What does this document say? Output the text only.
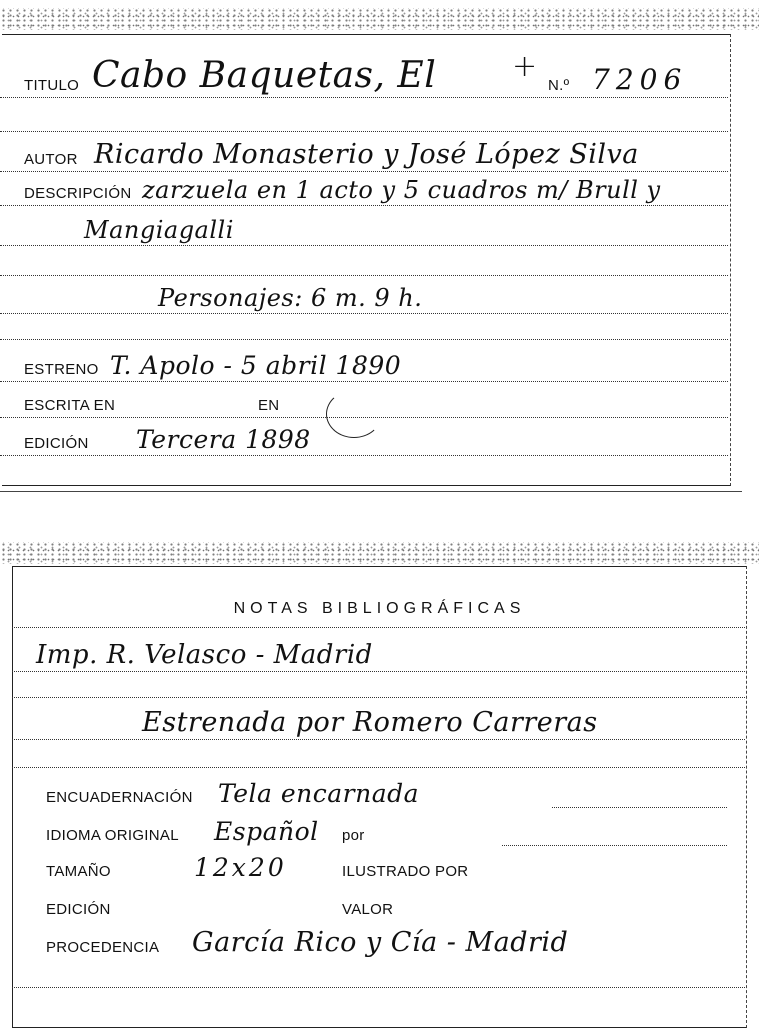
TITULO Cabo Baquetas, El	+
N.º 7206
AUTOR Ricardo Monasterio y José López Silva
DESCRIPCIÓN zarzuela en 1 acto y 5 cuadros m/ Brull y
Mangiagalli
Personajes: 6 m. 9 h.
ESTRENO T. Apolo - 5 abril 1890
ESCRITA EN	EN
EDICIÓN Tercera 1898
NOTAS BIBLIOGRÁFICAS
Imp. R. Velasco - Madrid
Estrenada por Romero Carreras
ENCUADERNACIÓN Tela encarnada
IDIOMA ORIGINAL Español por
TAMAÑO	12x20	ILUSTRADO POR
EDICIÓN	VALOR
PROCEDENCIA García Rico y Cía - Madrid
